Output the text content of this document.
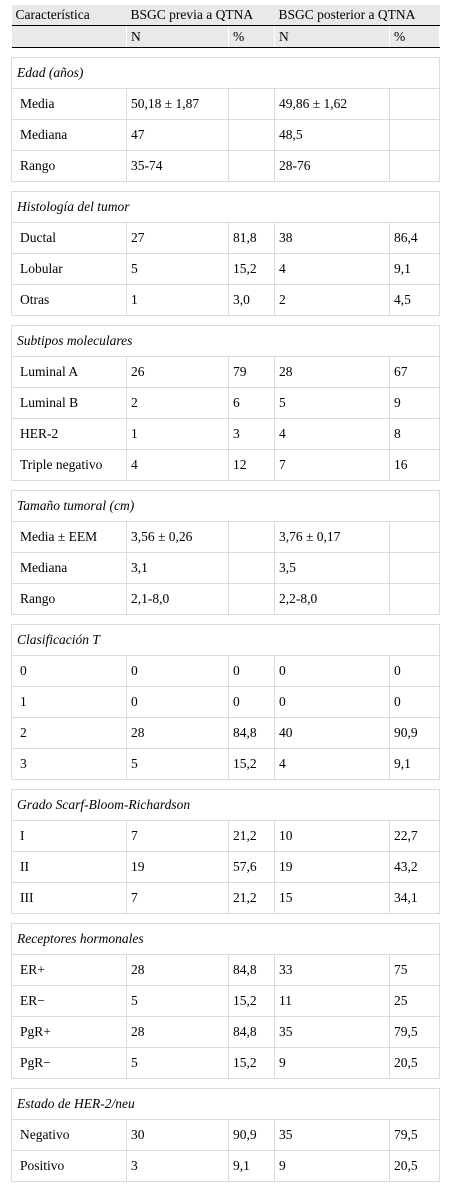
Característica	BSGC previa a QTNA		BSGC posterior a QTNA	
	N	%	N	%

Edad (años)				
Media	50,18 ± 1,87		49,86 ± 1,62	
Mediana	47		48,5	
Rango	35-74		28-76	

Histología del tumor				
Ductal	27	81,8	38	86,4
Lobular	5	15,2	4	9,1
Otras	1	3,0	2	4,5

Subtipos moleculares				
Luminal A	26	79	28	67
Luminal B	2	6	5	9
HER-2	1	3	4	8
Triple negativo	4	12	7	16

Tamaño tumoral (cm)				
Media ± EEM	3,56 ± 0,26		3,76 ± 0,17	
Mediana	3,1		3,5	
Rango	2,1-8,0		2,2-8,0	

Clasificación T				
0	0	0	0	0
1	0	0	0	0
2	28	84,8	40	90,9
3	5	15,2	4	9,1

Grado Scarf-Bloom-Richardson				
I	7	21,2	10	22,7
II	19	57,6	19	43,2
III	7	21,2	15	34,1

Receptores hormonales				
ER+	28	84,8	33	75
ER−	5	15,2	11	25
PgR+	28	84,8	35	79,5
PgR−	5	15,2	9	20,5

Estado de HER-2/neu				
Negativo	30	90,9	35	79,5
Positivo	3	9,1	9	20,5
